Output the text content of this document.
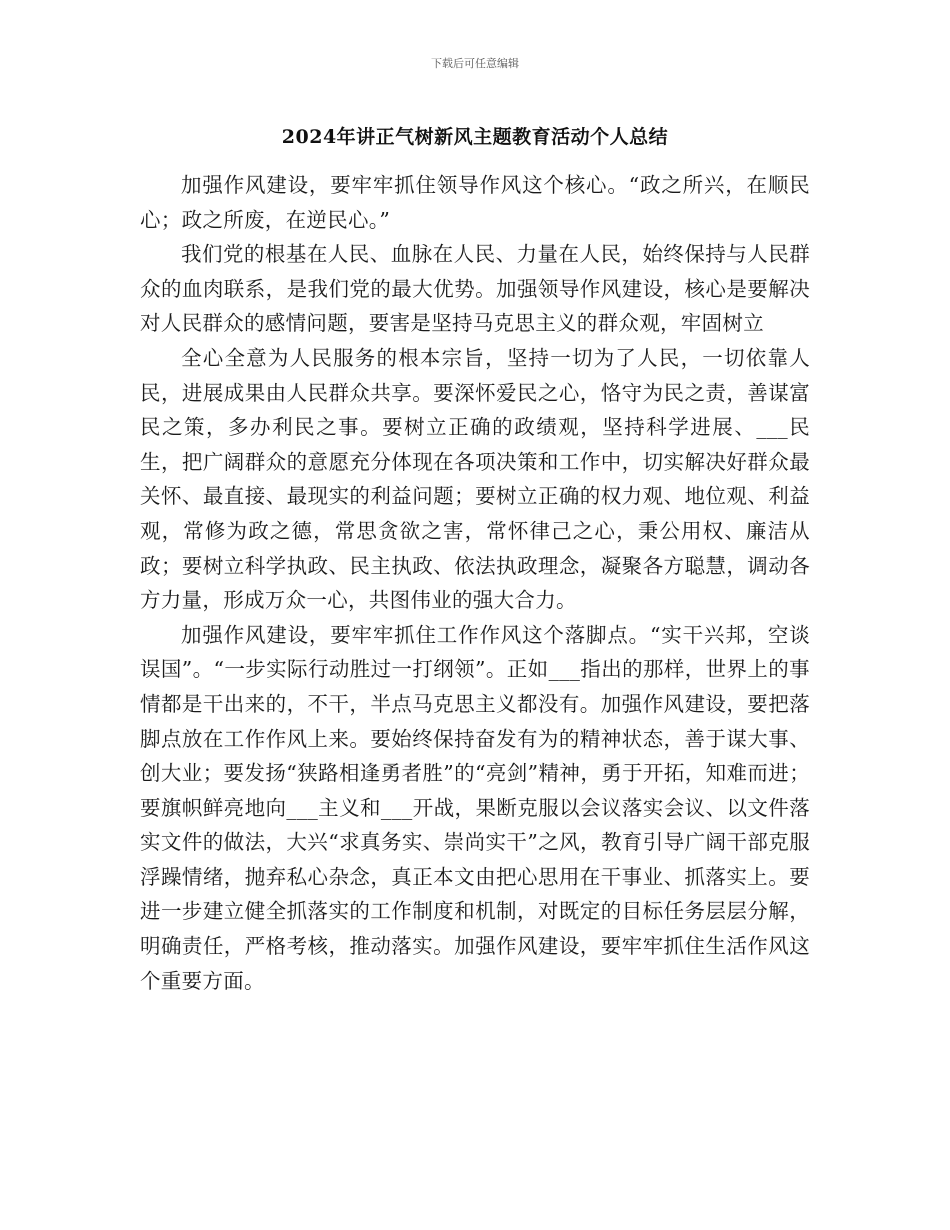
下载后可任意编辑
2024年讲正气树新风主题教育活动个人总结

加强作风建设，要牢牢抓住领导作风这个核心。“政之所兴，在顺民心；政之所废，在逆民心。”

我们党的根基在人民、血脉在人民、力量在人民，始终保持与人民群众的血肉联系，是我们党的最大优势。加强领导作风建设，核心是要解决对人民群众的感情问题，要害是坚持马克思主义的群众观，牢固树立

全心全意为人民服务的根本宗旨，坚持一切为了人民，一切依靠人民，进展成果由人民群众共享。要深怀爱民之心，恪守为民之责，善谋富民之策，多办利民之事。要树立正确的政绩观，坚持科学进展、___民生，把广阔群众的意愿充分体现在各项决策和工作中，切实解决好群众最关怀、最直接、最现实的利益问题；要树立正确的权力观、地位观、利益观，常修为政之德，常思贪欲之害，常怀律己之心，秉公用权、廉洁从政；要树立科学执政、民主执政、依法执政理念，凝聚各方聪慧，调动各方力量，形成万众一心，共图伟业的强大合力。

加强作风建设，要牢牢抓住工作作风这个落脚点。“实干兴邦，空谈误国”。“一步实际行动胜过一打纲领”。正如___指出的那样，世界上的事情都是干出来的，不干，半点马克思主义都没有。加强作风建设，要把落脚点放在工作作风上来。要始终保持奋发有为的精神状态，善于谋大事、创大业；要发扬“狭路相逢勇者胜”的“亮剑”精神，勇于开拓，知难而进；要旗帜鲜亮地向___主义和___开战，果断克服以会议落实会议、以文件落实文件的做法，大兴“求真务实、崇尚实干”之风，教育引导广阔干部克服浮躁情绪，抛弃私心杂念，真正本文由把心思用在干事业、抓落实上。要进一步建立健全抓落实的工作制度和机制，对既定的目标任务层层分解，明确责任，严格考核，推动落实。加强作风建设，要牢牢抓住生活作风这个重要方面。
